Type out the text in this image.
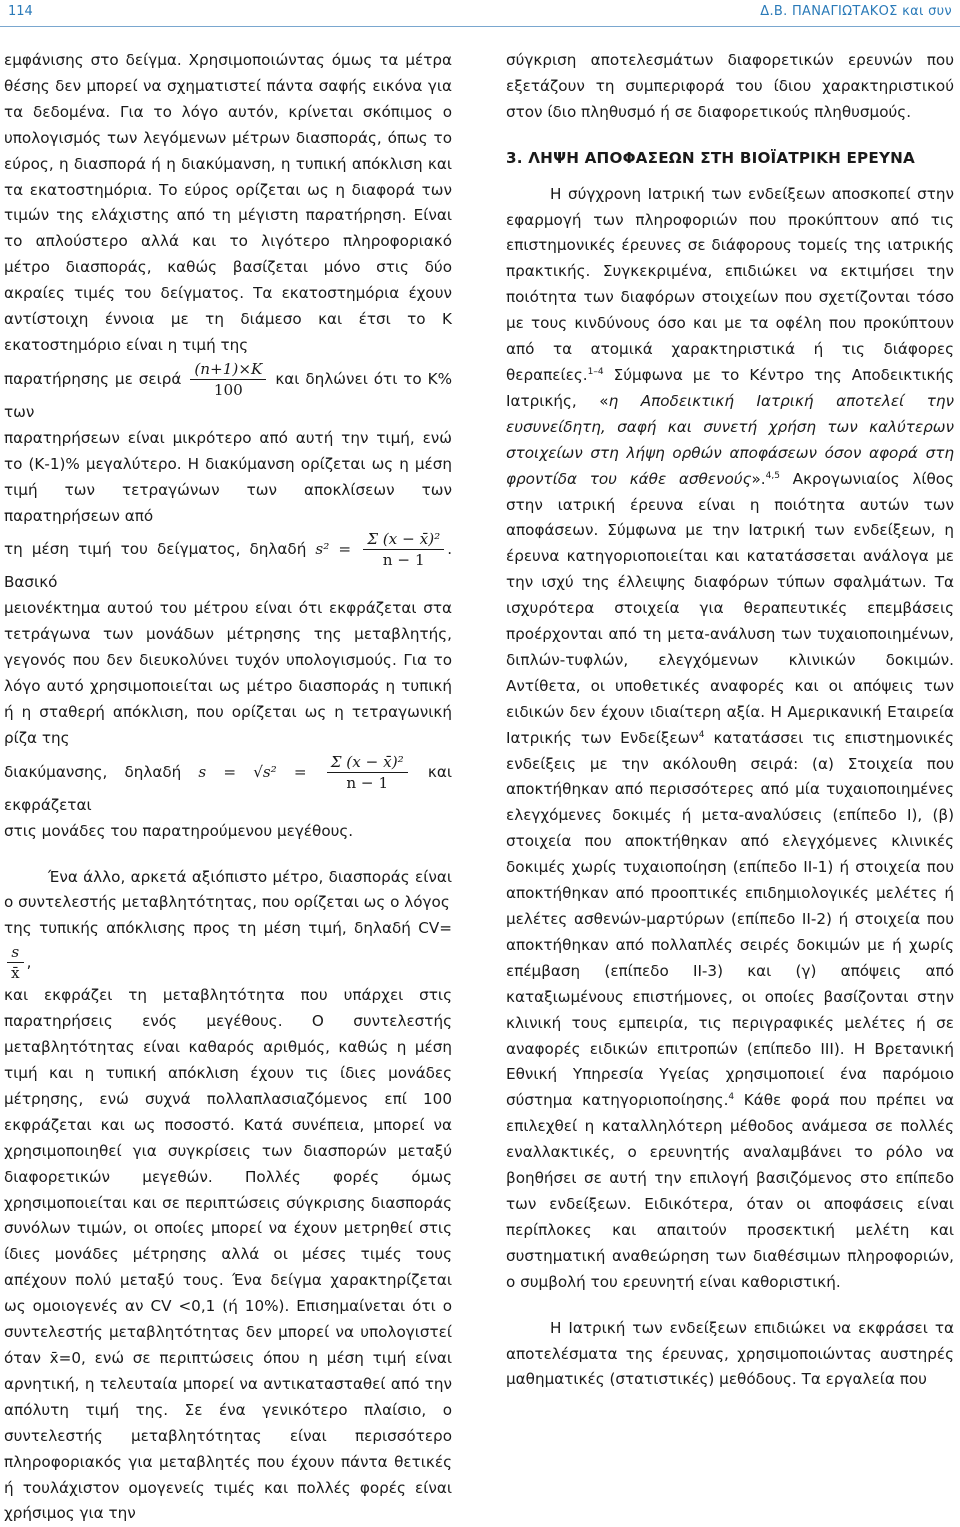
114	Δ.Β. ΠΑΝΑΓΙΩΤΑΚΟΣ και συν

εμφάνισης στο δείγμα. Χρησιμοποιώντας όμως τα μέτρα θέσης δεν μπορεί να σχηματιστεί πάντα σαφής εικόνα για τα δεδομένα. Για το λόγο αυτόν, κρίνεται σκόπιμος ο υπολογισμός των λεγόμενων μέτρων διασποράς, όπως το εύρος, η διασπορά ή η διακύμανση, η τυπική απόκλιση και τα εκατοστημόρια. Το εύρος ορίζεται ως η διαφορά των τιμών της ελάχιστης από τη μέγιστη παρατήρηση. Είναι το απλούστερο αλλά και το λιγότερο πληροφοριακό μέτρο διασποράς, καθώς βασίζεται μόνο στις δύο ακραίες τιμές του δείγματος. Τα εκατοστημόρια έχουν αντίστοιχη έννοια με τη διάμεσο και έτσι το Κ εκατοστημόριο είναι η τιμή της

παρατήρησης με σειρά $\frac{(n+1)\times K}{100}$ και δηλώνει ότι το Κ% των

παρατηρήσεων είναι μικρότερο από αυτή την τιμή, ενώ το (Κ-1)% μεγαλύτερο. Η διακύμανση ορίζεται ως η μέση τιμή των τετραγώνων των αποκλίσεων των παρατηρήσεων από

τη μέση τιμή του δείγματος, δηλαδή $s^2 = \frac{\text{Σ (x − x̄)²}}{n - 1}$ . Βασικό

μειονέκτημα αυτού του μέτρου είναι ότι εκφράζεται στα τετράγωνα των μονάδων μέτρησης της μεταβλητής, γεγονός που δεν διευκολύνει τυχόν υπολογισμούς. Για το λόγο αυτό χρησιμοποιείται ως μέτρο διασποράς η τυπική ή η σταθερή απόκλιση, που ορίζεται ως η τετραγωνική ρίζα της

διακύμανσης, δηλαδή $s = √s^2 = \frac{\text{Σ (x − x̄)²}}{n - 1}$ και εκφράζεται

στις μονάδες του παρατηρούμενου μεγέθους.

Ένα άλλο, αρκετά αξιόπιστο μέτρο, διασποράς είναι ο συντελεστής μεταβλητότητας, που ορίζεται ως ο λόγος

της τυπικής απόκλισης προς τη μέση τιμή, δηλαδή CV=
$\frac{s}{x̄}$ ,

και εκφράζει τη μεταβλητότητα που υπάρχει στις παρατηρήσεις ενός μεγέθους. Ο συντελεστής μεταβλητότητας είναι καθαρός αριθμός, καθώς η μέση τιμή και η τυπική απόκλιση έχουν τις ίδιες μονάδες μέτρησης, ενώ συχνά πολλαπλασιαζόμενος επί 100 εκφράζεται και ως ποσοστό. Κατά συνέπεια, μπορεί να χρησιμοποιηθεί για συγκρίσεις των διασπορών μεταξύ διαφορετικών μεγεθών. Πολλές φορές όμως χρησιμοποιείται και σε περιπτώσεις σύγκρισης διασποράς συνόλων τιμών, οι οποίες μπορεί να έχουν μετρηθεί στις ίδιες μονάδες μέτρησης αλλά οι μέσες τιμές τους απέχουν πολύ μεταξύ τους. Ένα δείγμα χαρακτηρίζεται ως ομοιογενές αν CV <0,1 (ή 10%). Επισημαίνεται ότι ο συντελεστής μεταβλητότητας δεν μπορεί να υπολογιστεί όταν x̄=0, ενώ σε περιπτώσεις όπου η μέση τιμή είναι αρνητική, η τελευταία μπορεί να αντικατασταθεί από την απόλυτη τιμή της. Σε ένα γενικότερο πλαίσιο, ο συντελεστής μεταβλητότητας είναι περισσότερο πληροφοριακός για μεταβλητές που έχουν πάντα θετικές ή τουλάχιστον ομογενείς τιμές και πολλές φορές είναι χρήσιμος για την

σύγκριση αποτελεσμάτων διαφορετικών ερευνών που εξετάζουν τη συμπεριφορά του ίδιου χαρακτηριστικού στον ίδιο πληθυσμό ή σε διαφορετικούς πληθυσμούς.

3. ΛΗΨΗ ΑΠΟΦΑΣΕΩΝ ΣΤΗ ΒΙΟΪΑΤΡΙΚΗ ΕΡΕΥΝΑ

Η σύγχρονη Ιατρική των ενδείξεων αποσκοπεί στην εφαρμογή των πληροφοριών που προκύπτουν από τις επιστημονικές έρευνες σε διάφορους τομείς της ιατρικής πρακτικής. Συγκεκριμένα, επιδιώκει να εκτιμήσει την ποιότητα των διαφόρων στοιχείων που σχετίζονται τόσο με τους κινδύνους όσο και με τα οφέλη που προκύπτουν από τα ατομικά χαρακτηριστικά ή τις διάφορες θεραπείες.$^{1-4}$ Σύμφωνα με το Κέντρο της Αποδεικτικής Ιατρικής, «η Αποδεικτική Ιατρική αποτελεί την ευσυνείδητη, σαφή και συνετή χρήση των καλύτερων στοιχείων στη λήψη ορθών αποφάσεων όσον αφορά στη φροντίδα του κάθε ασθενούς».$^{4,5}$ Ακρογωνιαίος λίθος στην ιατρική έρευνα είναι η ποιότητα αυτών των αποφάσεων. Σύμφωνα με την Ιατρική των ενδείξεων, η έρευνα κατηγοριοποιείται και κατατάσσεται ανάλογα με την ισχύ της έλλειψης διαφόρων τύπων σφαλμάτων. Τα ισχυρότερα στοιχεία για θεραπευτικές επεμβάσεις προέρχονται από τη μετα-ανάλυση των τυχαιοποιημένων, διπλών-τυφλών, ελεγχόμενων κλινικών δοκιμών. Αντίθετα, οι υποθετικές αναφορές και οι απόψεις των ειδικών δεν έχουν ιδιαίτερη αξία. Η Αμερικανική Εταιρεία Ιατρικής των Ενδείξεων$^4$ κατατάσσει τις επιστημονικές ενδείξεις με την ακόλουθη σειρά: (α) Στοιχεία που αποκτήθηκαν από περισσότερες από μία τυχαιοποιημένες ελεγχόμενες δοκιμές ή μετα-αναλύσεις (επίπεδο Ι), (β) στοιχεία που αποκτήθηκαν από ελεγχόμενες κλινικές δοκιμές χωρίς τυχαιοποίηση (επίπεδο ΙΙ-1) ή στοιχεία που αποκτήθηκαν από προοπτικές επιδημιολογικές μελέτες ή μελέτες ασθενών-μαρτύρων (επίπεδο ΙΙ-2) ή στοιχεία που αποκτήθηκαν από πολλαπλές σειρές δοκιμών με ή χωρίς επέμβαση (επίπεδο ΙΙ-3) και (γ) απόψεις από καταξιωμένους επιστήμονες, οι οποίες βασίζονται στην κλινική τους εμπειρία, τις περιγραφικές μελέτες ή σε αναφορές ειδικών επιτροπών (επίπεδο ΙΙΙ). Η Βρετανική Εθνική Υπηρεσία Υγείας χρησιμοποιεί ένα παρόμοιο σύστημα κατηγοριοποίησης.$^4$ Κάθε φορά που πρέπει να επιλεχθεί η καταλληλότερη μέθοδος ανάμεσα σε πολλές εναλλακτικές, ο ερευνητής αναλαμβάνει το ρόλο να βοηθήσει σε αυτή την επιλογή βασιζόμενος στο επίπεδο των ενδείξεων. Ειδικότερα, όταν οι αποφάσεις είναι περίπλοκες και απαιτούν προσεκτική μελέτη και συστηματική αναθεώρηση των διαθέσιμων πληροφοριών, ο συμβολή του ερευνητή είναι καθοριστική.

Η Ιατρική των ενδείξεων επιδιώκει να εκφράσει τα αποτελέσματα της έρευνας, χρησιμοποιώντας αυστηρές μαθηματικές (στατιστικές) μεθόδους. Τα εργαλεία που
